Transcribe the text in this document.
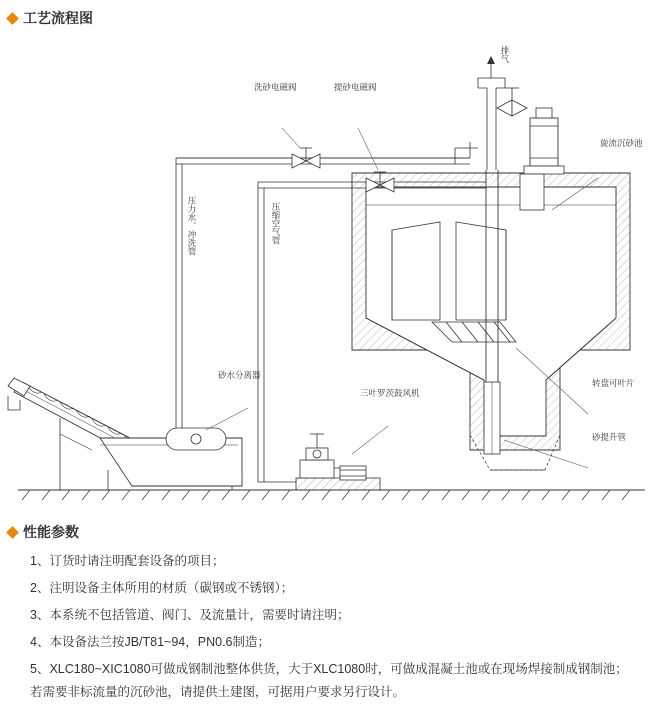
工艺流程图
洗砂电磁阀	提砂电磁阀
排气
旋流沉砂池
砂水分离器
三叶罗茨鼓风机
转盘可叶片
砂提升管
压力水、冲洗管	压缩空气管
性能参数
1、订货时请注明配套设备的项目；
2、注明设备主体所用的材质（碳钢或不锈钢）；
3、本系统不包括管道、阀门、及流量计，需要时请注明；
4、本设备法兰按JB/T81~94，PN0.6制造；
5、XLC180~XIC1080可做成钢制池整体供货，大于XLC1080时，可做成混凝土池或在现场焊接制成钢制池；
若需要非标流量的沉砂池，请提供土建图，可据用户要求另行设计。
